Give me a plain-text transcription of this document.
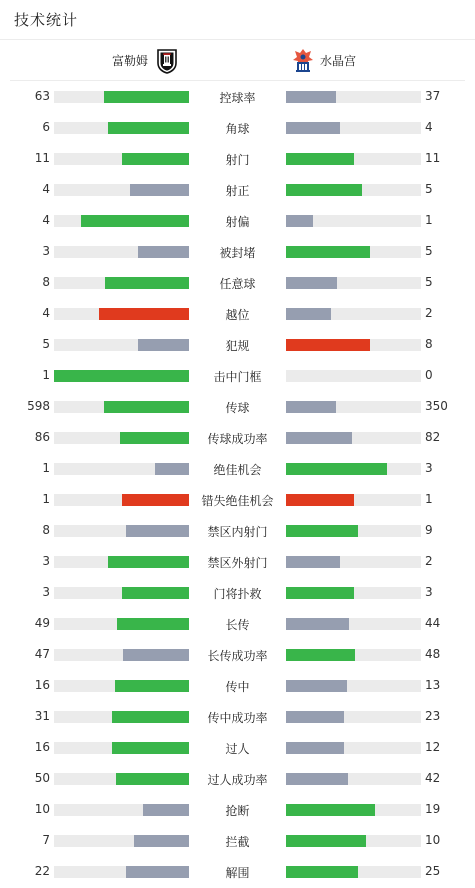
技术统计
富勒姆	水晶宫
63	控球率	37
6	角球	4
11	射门	11
4	射正	5
4	射偏	1
3	被封堵	5
8	任意球	5
4	越位	2
5	犯规	8
1	击中门框	0
598	传球	350
86	传球成功率	82
1	绝佳机会	3
1	错失绝佳机会	1
8	禁区内射门	9
3	禁区外射门	2
3	门将扑救	3
49	长传	44
47	长传成功率	48
16	传中	13
31	传中成功率	23
16	过人	12
50	过人成功率	42
10	抢断	19
7	拦截	10
22	解围	25
